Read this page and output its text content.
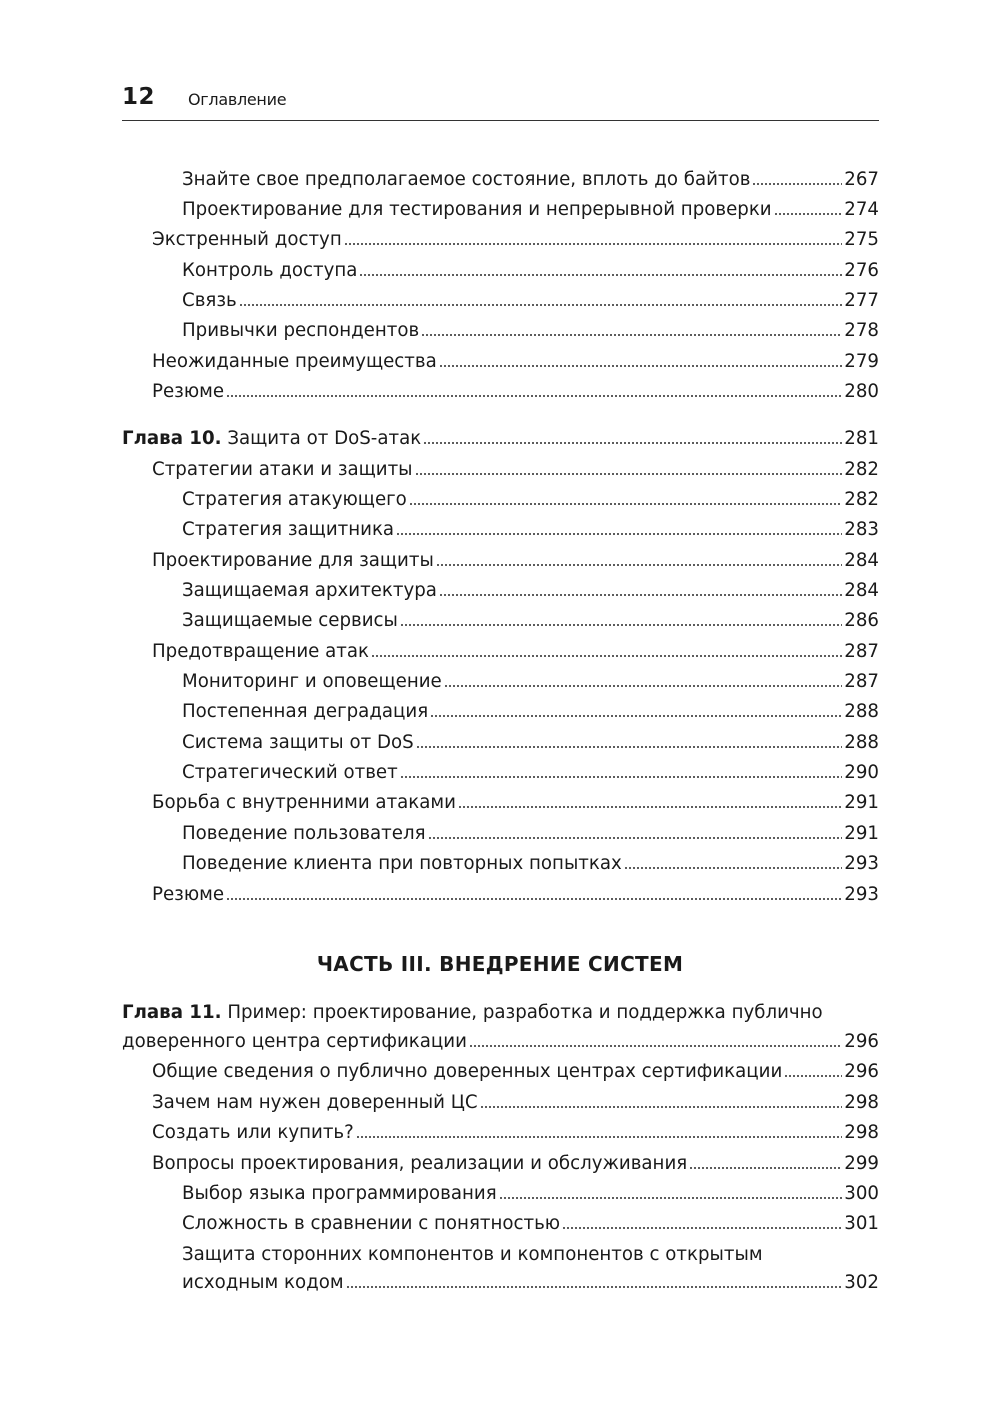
12 Оглавление
Знайте свое предполагаемое состояние, вплоть до байтов	267
Проектирование для тестирования и непрерывной проверки	274
Экстренный доступ	275
Контроль доступа	276
Связь	277
Привычки респондентов	278
Неожиданные преимущества	279
Резюме	280
Глава 10. Защита от DoS-атак	281
Стратегии атаки и защиты	282
Стратегия атакующего	282
Стратегия защитника	283
Проектирование для защиты	284
Защищаемая архитектура	284
Защищаемые сервисы	286
Предотвращение атак	287
Мониторинг и оповещение	287
Постепенная деградация	288
Система защиты от DoS	288
Стратегический ответ	290
Борьба с внутренними атаками	291
Поведение пользователя	291
Поведение клиента при повторных попытках	293
Резюме	293
ЧАСТЬ III. ВНЕДРЕНИЕ СИСТЕМ
Глава 11. Пример: проектирование, разработка и поддержка публично
доверенного центра сертификации	296
Общие сведения о публично доверенных центрах сертификации	296
Зачем нам нужен доверенный ЦС	298
Создать или купить?	298
Вопросы проектирования, реализации и обслуживания	299
Выбор языка программирования	300
Сложность в сравнении с понятностью	301
Защита сторонних компонентов и компонентов с открытым
исходным кодом	302
